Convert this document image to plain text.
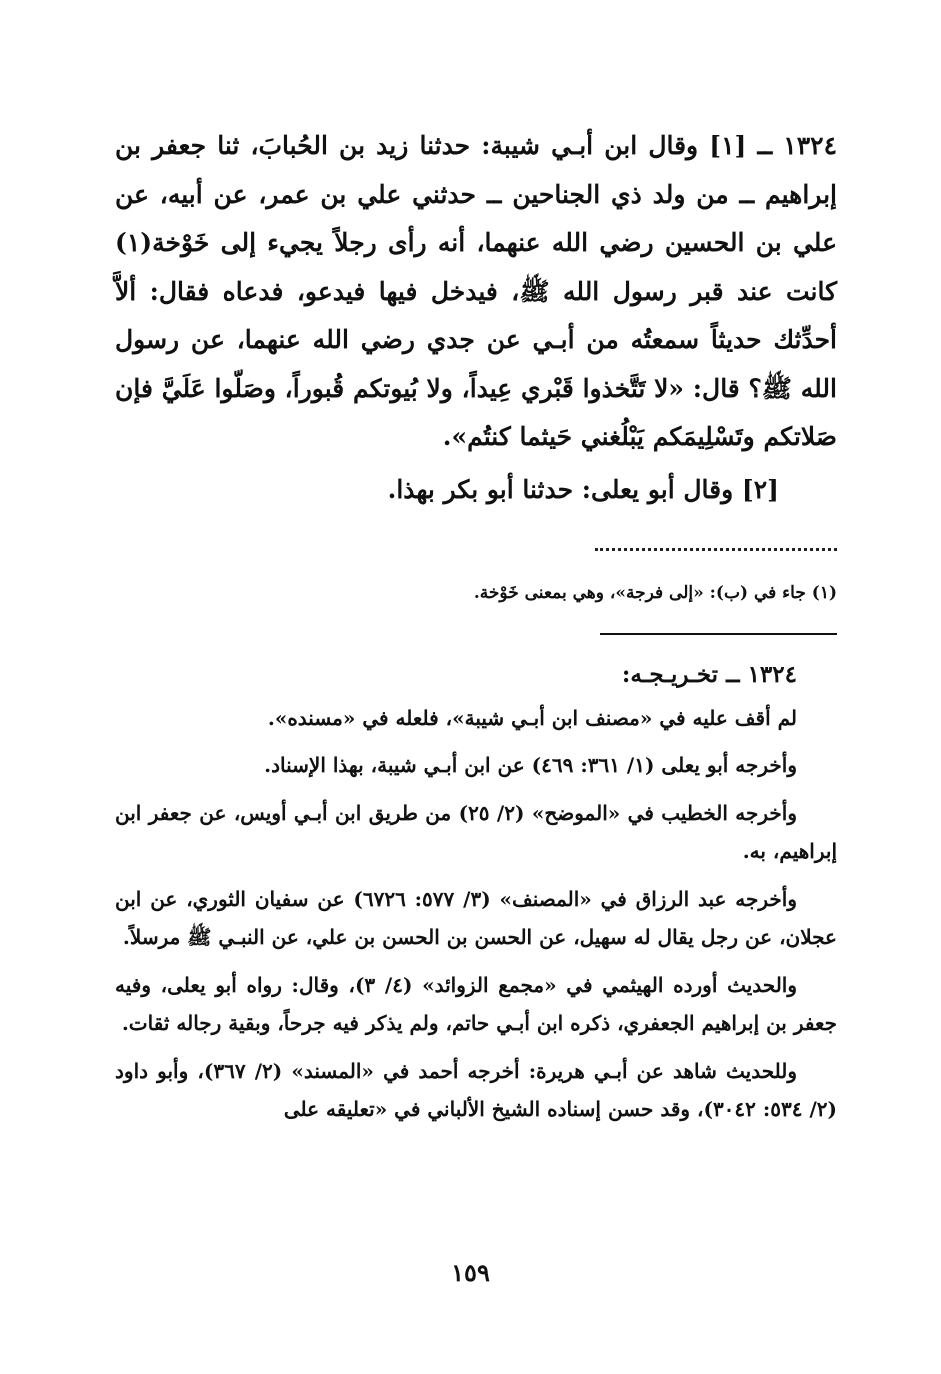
١٣٢٤ ــ [١] وقال ابن أبـي شيبة: حدثنا زيد بن الحُبابَ، ثنا جعفر بن إبراهيم ــ من ولد ذي الجناحين ــ حدثني علي بن عمر، عن أبيه، عن علي بن الحسين رضي الله عنهما، أنه رأى رجلاً يجيء إلى خَوْخة(١) كانت عند قبر رسول الله ﷺ، فيدخل فيها فيدعو، فدعاه فقال: ألاَّ أحدِّثك حديثاً سمعتُه من أبـي عن جدي رضي الله عنهما، عن رسول الله ﷺ؟ قال: «لا تَتَّخذوا قَبْري عِيداً، ولا بُيوتكم قُبوراً، وصَلّوا عَلَيَّ فإن صَلاتكم وتَسْلِيمَكم يَبْلُغني حَيثما كنتُم».

[٢] وقال أبو يعلى: حدثنا أبو بكر بهذا.

(١) جاء في (ب): «إلى فرجة»، وهي بمعنى خَوْخة.

١٣٢٤ ــ تخـريـجـه:

لم أقف عليه في «مصنف ابن أبـي شيبة»، فلعله في «مسنده».

وأخرجه أبو يعلى (١/ ٣٦١: ٤٦٩) عن ابن أبـي شيبة، بهذا الإسناد.

وأخرجه الخطيب في «الموضح» (٢/ ٢٥) من طريق ابن أبـي أويس، عن جعفر ابن إبراهيم، به.

وأخرجه عبد الرزاق في «المصنف» (٣/ ٥٧٧: ٦٧٢٦) عن سفيان الثوري، عن ابن عجلان، عن رجل يقال له سهيل، عن الحسن بن الحسن بن علي، عن النبـي ﷺ مرسلاً.

والحديث أورده الهيثمي في «مجمع الزوائد» (٤/ ٣)، وقال: رواه أبو يعلى، وفيه جعفر بن إبراهيم الجعفري، ذكره ابن أبـي حاتم، ولم يذكر فيه جرحاً، وبقية رجاله ثقات.

وللحديث شاهد عن أبـي هريرة: أخرجه أحمد في «المسند» (٢/ ٣٦٧)، وأبو داود (٢/ ٥٣٤: ٣٠٤٢)، وقد حسن إسناده الشيخ الألباني في «تعليقه على

١٥٩
